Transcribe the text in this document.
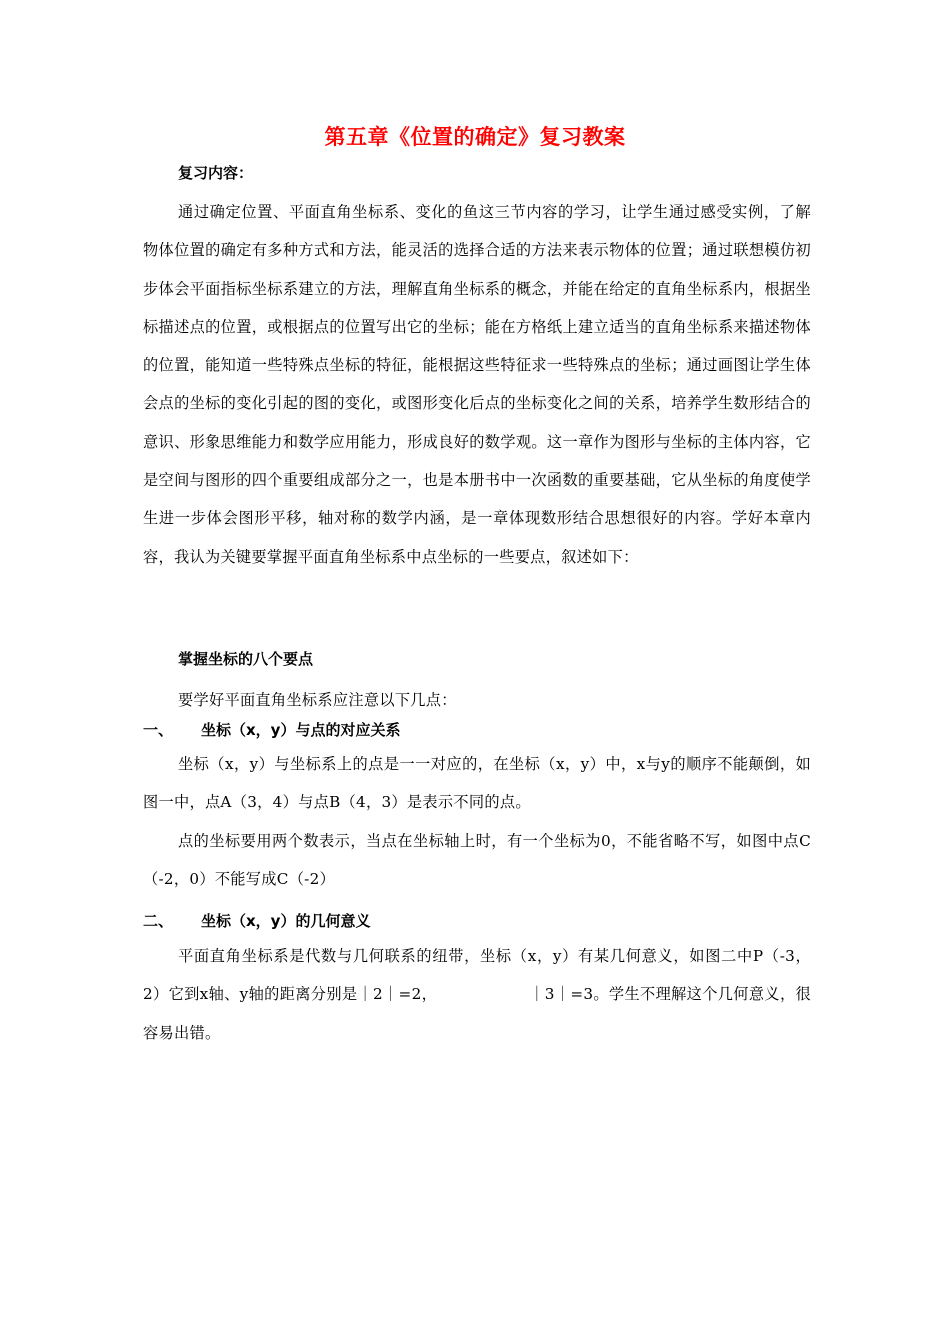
第五章《位置的确定》复习教案
复习内容：
通过确定位置、平面直角坐标系、变化的鱼这三节内容的学习，让学生通过感受实例，了解物体位置的确定有多种方式和方法，能灵活的选择合适的方法来表示物体的位置；通过联想模仿初步体会平面指标坐标系建立的方法，理解直角坐标系的概念，并能在给定的直角坐标系内，根据坐标描述点的位置，或根据点的位置写出它的坐标；能在方格纸上建立适当的直角坐标系来描述物体的位置，能知道一些特殊点坐标的特征，能根据这些特征求一些特殊点的坐标；通过画图让学生体会点的坐标的变化引起的图的变化，或图形变化后点的坐标变化之间的关系，培养学生数形结合的意识、形象思维能力和数学应用能力，形成良好的数学观。这一章作为图形与坐标的主体内容，它是空间与图形的四个重要组成部分之一，也是本册书中一次函数的重要基础，它从坐标的角度使学生进一步体会图形平移，轴对称的数学内涵，是一章体现数形结合思想很好的内容。学好本章内容，我认为关键要掌握平面直角坐标系中点坐标的一些要点，叙述如下：
掌握坐标的八个要点
要学好平面直角坐标系应注意以下几点：
一、 坐标（x，y）与点的对应关系
坐标（x，y）与坐标系上的点是一一对应的，在坐标（x，y）中，x与y的顺序不能颠倒，如图一中，点A（3，4）与点B（4，3）是表示不同的点。
点的坐标要用两个数表示，当点在坐标轴上时，有一个坐标为0，不能省略不写，如图中点C（-2，0）不能写成C（-2）
二、 坐标（x，y）的几何意义
平面直角坐标系是代数与几何联系的纽带，坐标（x，y）有某几何意义，如图二中P（-3，2）它到x轴、y轴的距离分别是｜2｜=2，	｜3｜=3。学生不理解这个几何意义，很容易出错。
